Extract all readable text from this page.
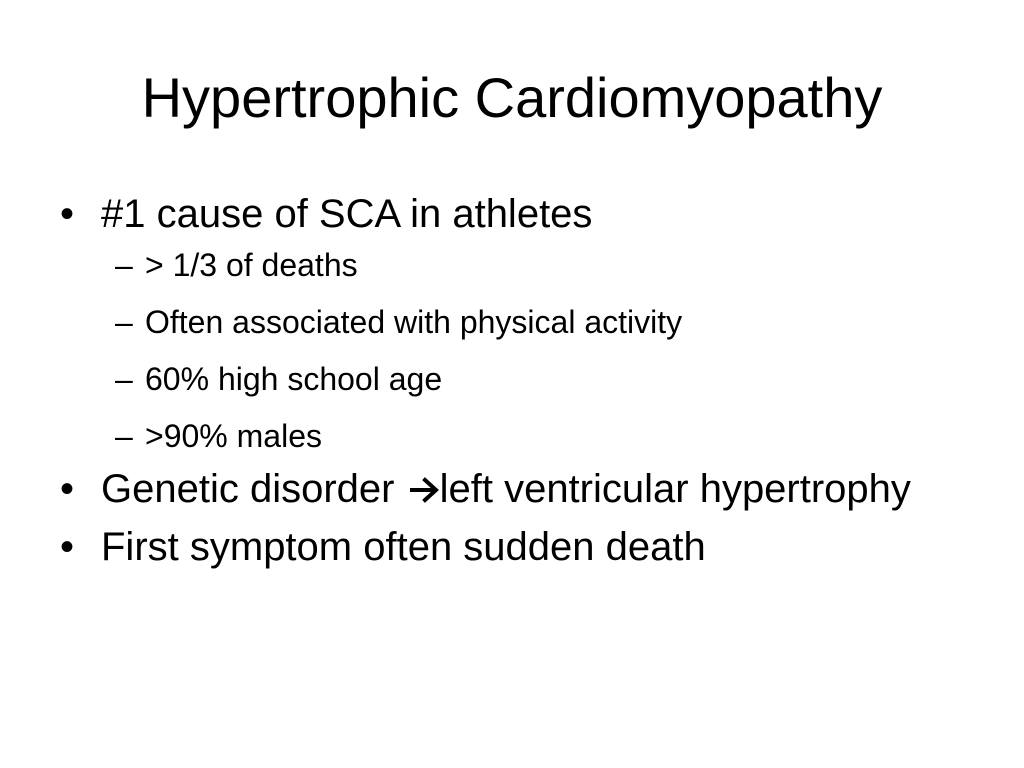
Hypertrophic Cardiomyopathy
• #1 cause of SCA in athletes
– > 1/3 of deaths
– Often associated with physical activity
– 60% high school age
– >90% males
• Genetic disorder left ventricular hypertrophy
• First symptom often sudden death
